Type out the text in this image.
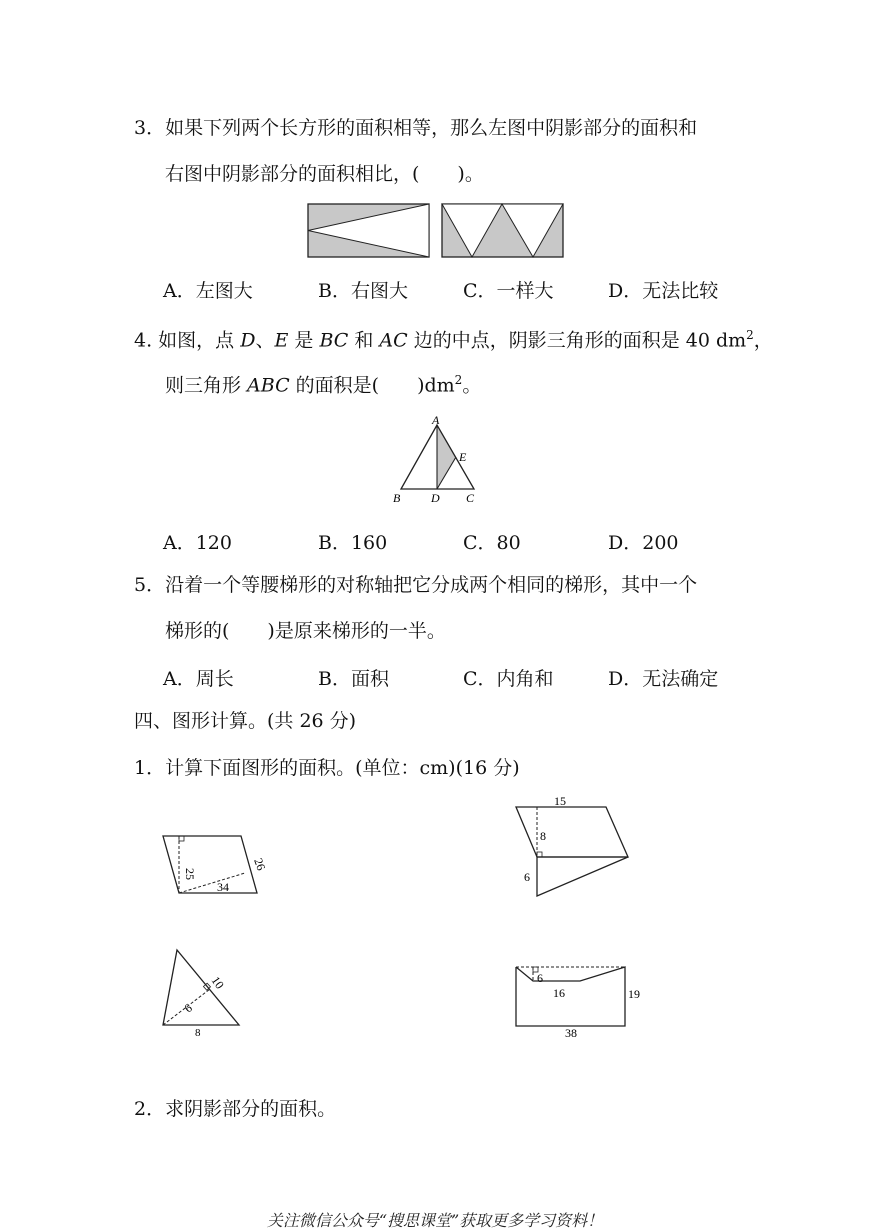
3．如果下列两个长方形的面积相等，那么左图中阴影部分的面积和
右图中阴影部分的面积相比，(　　)。
A．左图大	B．右图大	C．一样大	D．无法比较
4. 如图，点 D、E 是 BC 和 AC 边的中点，阴影三角形的面积是 40 $dm^2$，
则三角形 ABC 的面积是(　　)$dm^2$。
A
E
B	D C
A．120	B．160	C．80	D．200
5．沿着一个等腰梯形的对称轴把它分成两个相同的梯形，其中一个
梯形的(　　)是原来梯形的一半。
A．周长	B．面积	C．内角和	D．无法确定
四、图形计算。(共 26 分)
1．计算下面图形的面积。(单位：cm)(16 分)
25
26
34
15
8
6
10
6
8
6
16	19
38
2．求阴影部分的面积。
关注微信公众号“搜思课堂”获取更多学习资料！
